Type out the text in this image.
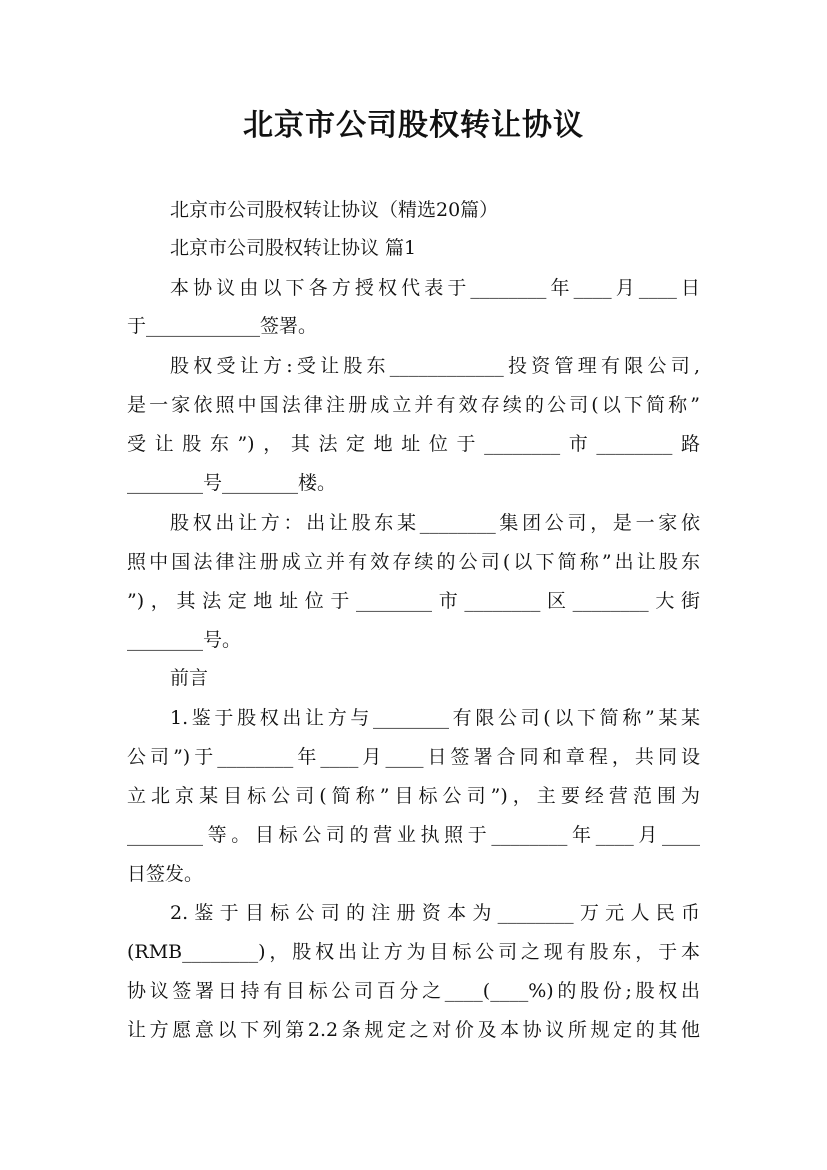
北京市公司股权转让协议
北京市公司股权转让协议（精选20篇）
北京市公司股权转让协议 篇1
本协议由以下各方授权代表于________年____月____日
于____________签署。
股权受让方:受让股东____________投资管理有限公司,
是一家依照中国法律注册成立并有效存续的公司(以下简称”
受让股东”)，其法定地址位于________市________路
________号________楼。
股权出让方：出让股东某________集团公司，是一家依
照中国法律注册成立并有效存续的公司(以下简称”出让股东
”)，其法定地址位于________市________区________大街
________号。
前言
1.鉴于股权出让方与________有限公司(以下简称”某某
公司”)于________年____月____日签署合同和章程，共同设
立北京某目标公司(简称”目标公司”)，主要经营范围为
________等。目标公司的营业执照于________年____月____
日签发。
2.鉴于目标公司的注册资本为________万元人民币
(RMB________)，股权出让方为目标公司之现有股东，于本
协议签署日持有目标公司百分之____(____%)的股份;股权出
让方愿意以下列第2.2条规定之对价及本协议所规定的其他
